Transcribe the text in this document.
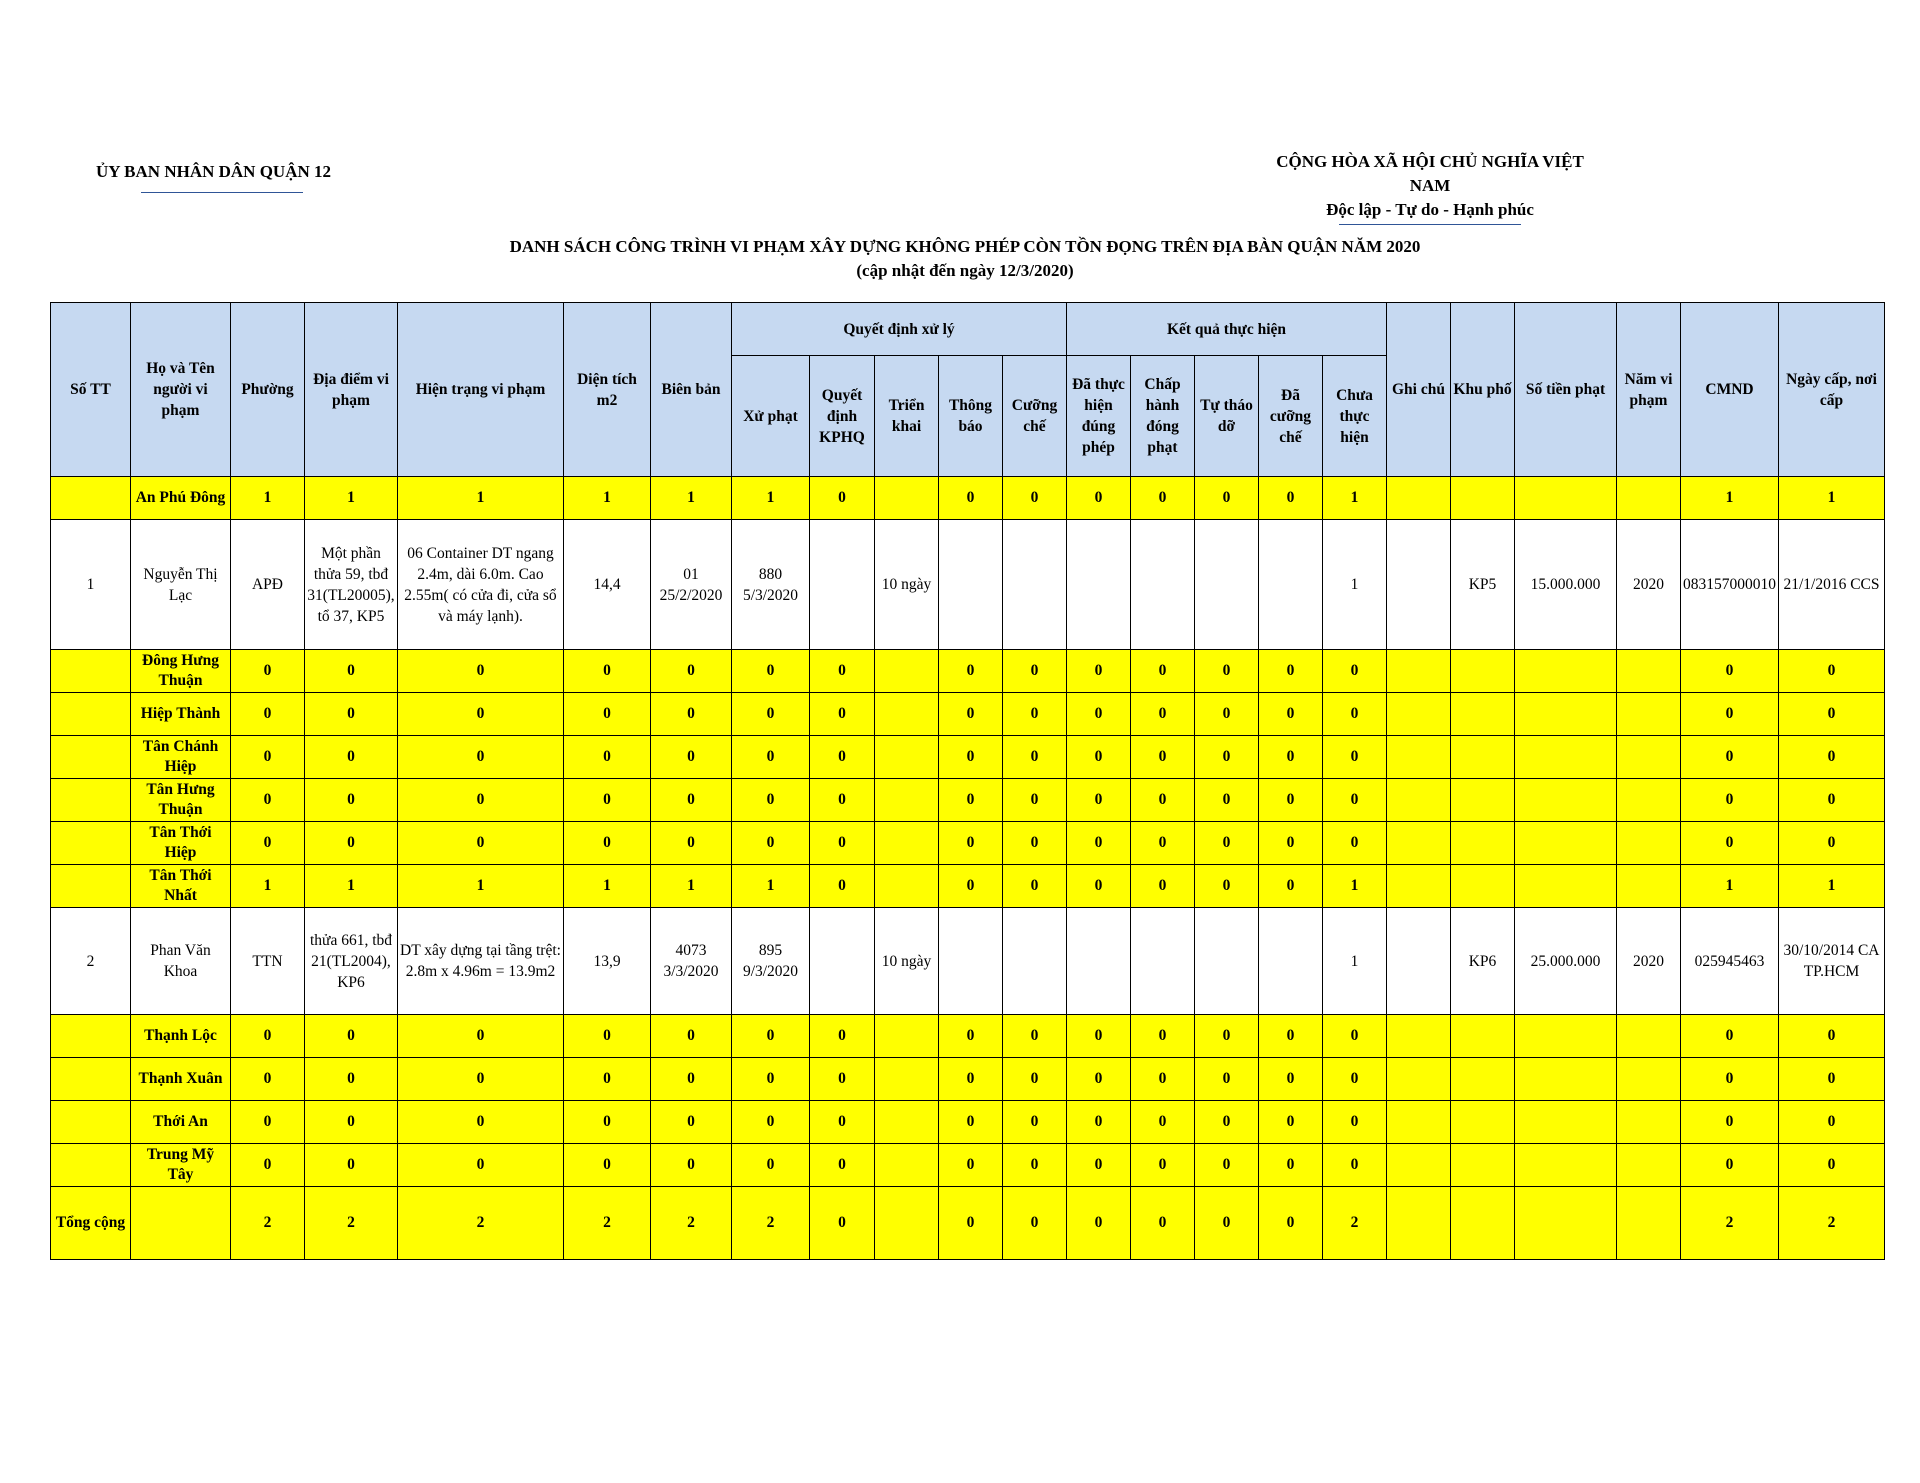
ỦY BAN NHÂN DÂN QUẬN 12
CỘNG HÒA XÃ HỘI CHỦ NGHĨA VIỆT NAM
Độc lập - Tự do - Hạnh phúc
DANH SÁCH CÔNG TRÌNH VI PHẠM XÂY DỰNG KHÔNG PHÉP CÒN TỒN ĐỌNG TRÊN ĐỊA BÀN QUẬN NĂM 2020
(cập nhật đến ngày 12/3/2020)
Số TT	Họ và Tên người vi phạm	Phường	Địa điểm vi phạm	Hiện trạng vi phạm	Diện tích m2	Biên bản	Quyết định xử lý					Kết quả thực hiện					Ghi chú	Khu phố	Số tiền phạt	Năm vi phạm	CMND	Ngày cấp, nơi cấp
							Xử phạt	Quyết định KPHQ	Triển khai	Thông báo	Cưỡng chế	Đã thực hiện đúng phép	Chấp hành đóng phạt	Tự tháo dỡ	Đã cưỡng chế	Chưa thực hiện						
	An Phú Đông	1	1	1	1	1	1	0		0	0	0	0	0	0	1					1	1
1	Nguyễn Thị Lạc	APĐ	Một phần thửa 59, tbđ 31(TL20005), tổ 37, KP5	06 Container DT ngang 2.4m, dài 6.0m. Cao 2.55m( có cửa đi, cửa sổ và máy lạnh).	14,4	01 25/2/2020	880 5/3/2020		10 ngày							1		KP5	15.000.000	2020	083157000010	21/1/2016 CCS
	Đông Hưng Thuận	0	0	0	0	0	0	0		0	0	0	0	0	0	0					0	0
	Hiệp Thành	0	0	0	0	0	0	0		0	0	0	0	0	0	0					0	0
	Tân Chánh Hiệp	0	0	0	0	0	0	0		0	0	0	0	0	0	0					0	0
	Tân Hưng Thuận	0	0	0	0	0	0	0		0	0	0	0	0	0	0					0	0
	Tân Thới Hiệp	0	0	0	0	0	0	0		0	0	0	0	0	0	0					0	0
	Tân Thới Nhất	1	1	1	1	1	1	0		0	0	0	0	0	0	1					1	1
2	Phan Văn Khoa	TTN	thửa 661, tbđ 21(TL2004), KP6	DT xây dựng tại tầng trệt: 2.8m x 4.96m = 13.9m2	13,9	4073 3/3/2020	895 9/3/2020		10 ngày							1		KP6	25.000.000	2020	025945463	30/10/2014 CA TP.HCM
	Thạnh Lộc	0	0	0	0	0	0	0		0	0	0	0	0	0	0					0	0
	Thạnh Xuân	0	0	0	0	0	0	0		0	0	0	0	0	0	0					0	0
	Thới An	0	0	0	0	0	0	0		0	0	0	0	0	0	0					0	0
	Trung Mỹ Tây	0	0	0	0	0	0	0		0	0	0	0	0	0	0					0	0
Tổng cộng		2	2	2	2	2	2	0		0	0	0	0	0	0	2					2	2
